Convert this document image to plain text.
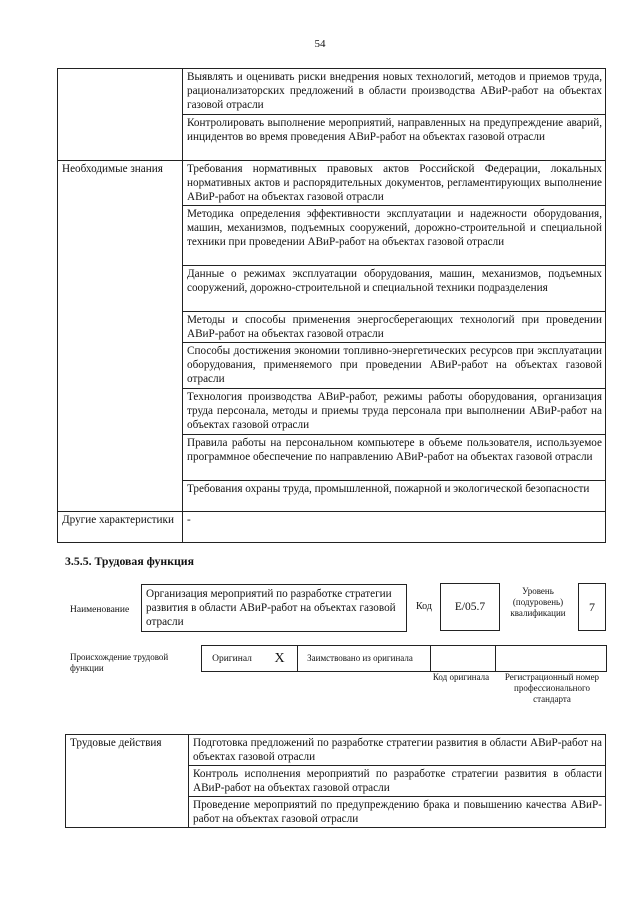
54
	Выявлять и оценивать риски внедрения новых технологий, методов и приемов труда, рационализаторских предложений в области производства АВиР-работ на объектах газовой отрасли
	Контролировать выполнение мероприятий, направленных на предупреждение аварий, инцидентов во время проведения АВиР-работ на объектах газовой отрасли
Необходимые знания	Требования нормативных правовых актов Российской Федерации, локальных нормативных актов и распорядительных документов, регламентирующих выполнение АВиР-работ на объектах газовой отрасли
	Методика определения эффективности эксплуатации и надежности оборудования, машин, механизмов, подъемных сооружений, дорожно-строительной и специальной техники при проведении АВиР-работ на объектах газовой отрасли
	Данные о режимах эксплуатации оборудования, машин, механизмов, подъемных сооружений, дорожно-строительной и специальной техники подразделения
	Методы и способы применения энергосберегающих технологий при проведении АВиР-работ на объектах газовой отрасли
	Способы достижения экономии топливно-энергетических ресурсов при эксплуатации оборудования, применяемого при проведении АВиР-работ на объектах газовой отрасли
	Технология производства АВиР-работ, режимы работы оборудования, организация труда персонала, методы и приемы труда персонала при выполнении АВиР-работ на объектах газовой отрасли
	Правила работы на персональном компьютере в объеме пользователя, используемое программное обеспечение по направлению АВиР-работ на объектах газовой отрасли
	Требования охраны труда, промышленной, пожарной и экологической безопасности
Другие характеристики	-
3.5.5. Трудовая функция
Наименование
Организация мероприятий по разработке стратегии развития в области АВиР-работ на объектах газовой отрасли
Код	E/05.7
Уровень (подуровень) квалификации	7
Происхождение трудовой функции
Оригинал	X	Заимствовано из оригинала
Код оригинала	Регистрационный номер профессионального стандарта
Трудовые действия	Подготовка предложений по разработке стратегии развития в области АВиР-работ на объектах газовой отрасли
Контроль исполнения мероприятий по разработке стратегии развития в области АВиР-работ на объектах газовой отрасли
Проведение мероприятий по предупреждению брака и повышению качества АВиР-работ на объектах газовой отрасли
